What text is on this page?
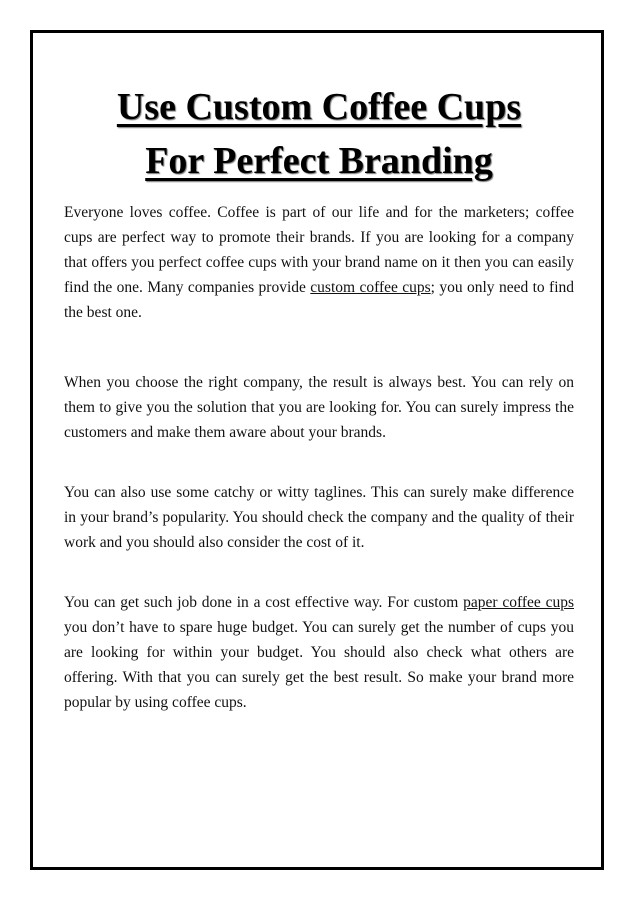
Use Custom Coffee Cups
For Perfect Branding

Everyone loves coffee. Coffee is part of our life and for the marketers; coffee cups are perfect way to promote their brands. If you are looking for a company that offers you perfect coffee cups with your brand name on it then you can easily find the one. Many companies provide custom coffee cups; you only need to find the best one.

When you choose the right company, the result is always best. You can rely on them to give you the solution that you are looking for. You can surely impress the customers and make them aware about your brands.

You can also use some catchy or witty taglines. This can surely make difference in your brand’s popularity. You should check the company and the quality of their work and you should also consider the cost of it.

You can get such job done in a cost effective way. For custom paper coffee cups you don’t have to spare huge budget. You can surely get the number of cups you are looking for within your budget. You should also check what others are offering. With that you can surely get the best result. So make your brand more popular by using coffee cups.
